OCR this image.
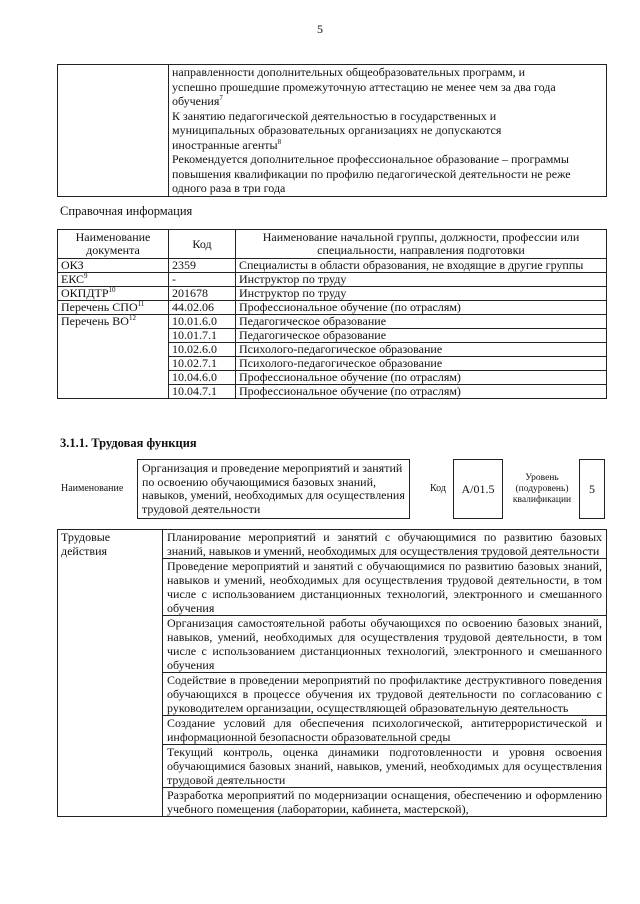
5

направленности дополнительных общеобразовательных программ, и

успешно прошедшие промежуточную аттестацию не менее чем за два года

обучения$^7$

К занятию педагогической деятельностью в государственных и

муниципальных образовательных организациях не допускаются

иностранные агенты$^8$

Рекомендуется дополнительное профессиональное образование – программы

повышения квалификации по профилю педагогической деятельности не реже

одного раза в три года

Справочная информация
Наименование документа	Код	Наименование начальной группы, должности, профессии или специальности, направления подготовки
ОКЗ	2359	Специалисты в области образования, не входящие в другие группы
ЕКС$^9$	-	Инструктор по труду
ОКПДТР$^{10}$	201678	Инструктор по труду
Перечень СПО$^{11}$	44.02.06	Профессиональное обучение (по отраслям)
Перечень ВО$^{12}$	10.01.6.0	Педагогическое образование
	10.01.7.1	Педагогическое образование
	10.02.6.0	Психолого-педагогическое образование
	10.02.7.1	Психолого-педагогическое образование
	10.04.6.0	Профессиональное обучение (по отраслям)
	10.04.7.1	Профессиональное обучение (по отраслям)
3.1.1. Трудовая функция
Наименование
Организация и проведение мероприятий и занятий по освоению обучающимися базовых знаний, навыков, умений, необходимых для осуществления трудовой деятельности
Код	A/01.5
Уровень (подуровень) квалификации
5
Трудовые действия	Планирование мероприятий и занятий с обучающимися по развитию базовых знаний, навыков и умений, необходимых для осуществления трудовой деятельности
Проведение мероприятий и занятий с обучающимися по развитию базовых знаний, навыков и умений, необходимых для осуществления трудовой деятельности, в том числе с использованием дистанционных технологий, электронного и смешанного обучения
Организация самостоятельной работы обучающихся по освоению базовых знаний, навыков, умений, необходимых для осуществления трудовой деятельности, в том числе с использованием дистанционных технологий, электронного и смешанного обучения
Содействие в проведении мероприятий по профилактике деструктивного поведения обучающихся в процессе обучения их трудовой деятельности по согласованию с руководителем организации, осуществляющей образовательную деятельность
Создание условий для обеспечения психологической, антитеррористической и информационной безопасности образовательной среды
Текущий контроль, оценка динамики подготовленности и уровня освоения обучающимися базовых знаний, навыков, умений, необходимых для осуществления трудовой деятельности
Разработка мероприятий по модернизации оснащения, обеспечению и оформлению учебного помещения (лаборатории, кабинета, мастерской),
